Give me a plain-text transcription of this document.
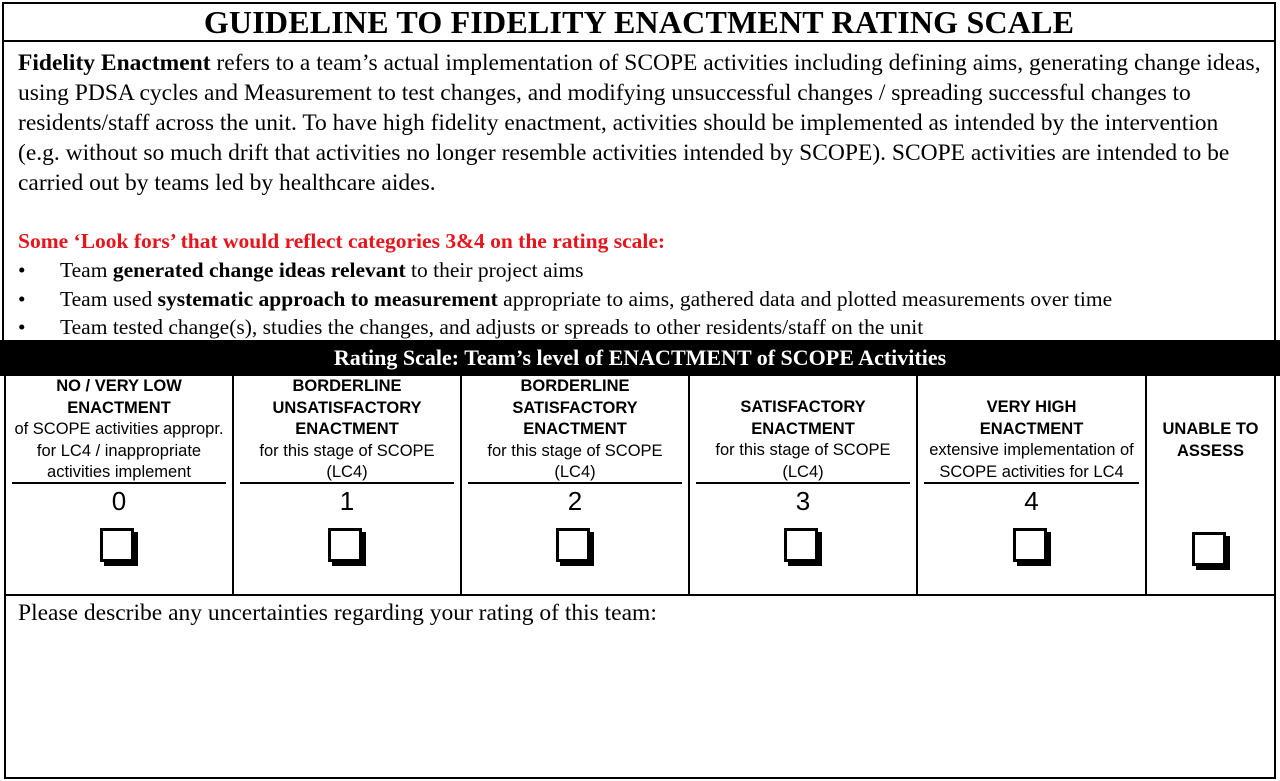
GUIDELINE TO FIDELITY ENACTMENT RATING SCALE

Fidelity Enactment refers to a team’s actual implementation of SCOPE activities including defining aims, generating change ideas, using PDSA cycles and Measurement to test changes, and modifying unsuccessful changes / spreading successful changes to residents/staff across the unit. To have high fidelity enactment, activities should be implemented as intended by the intervention (e.g. without so much drift that activities no longer resemble activities intended by SCOPE). SCOPE activities are intended to be carried out by teams led by healthcare aides.

Some ‘Look fors’ that would reflect categories 3&4 on the rating scale:

• Team generated change ideas relevant to their project aims
• Team used systematic approach to measurement appropriate to aims, gathered data and plotted measurements over time
• Team tested change(s), studies the changes, and adjusts or spreads to other residents/staff on the unit
Rating Scale: Team’s level of ENACTMENT of SCOPE Activities
NO / VERY LOW
ENACTMENT
of SCOPE activities appropr.
for LC4 / inappropriate
activities implement
0
BORDERLINE
UNSATISFACTORY
ENACTMENT
for this stage of SCOPE
(LC4)
1
BORDERLINE
SATISFACTORY
ENACTMENT
for this stage of SCOPE
(LC4)
2
SATISFACTORY
ENACTMENT
for this stage of SCOPE
(LC4)
3
VERY HIGH
ENACTMENT
extensive implementation of
SCOPE activities for LC4
4
UNABLE TO
ASSESS
Please describe any uncertainties regarding your rating of this team:
